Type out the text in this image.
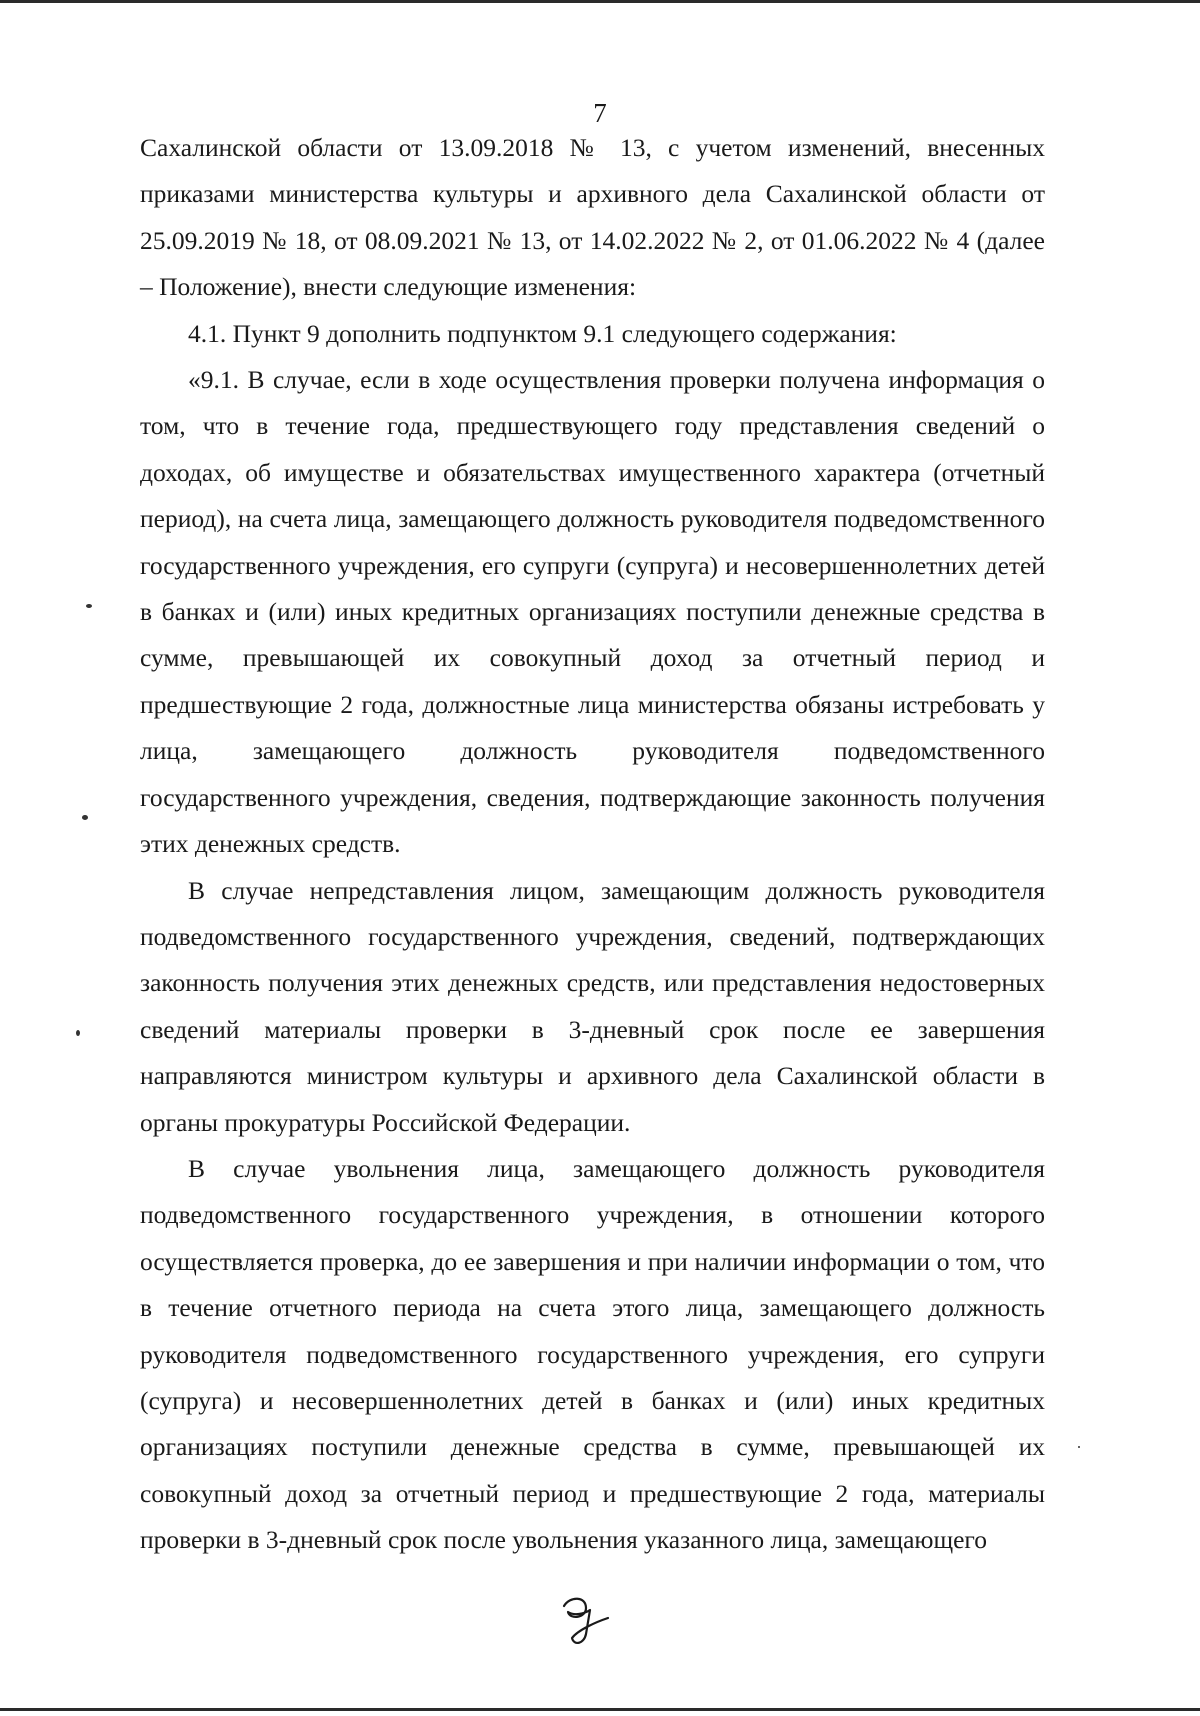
7

Сахалинской области от 13.09.2018 № 13, с учетом изменений, внесенных приказами министерства культуры и архивного дела Сахалинской области от 25.09.2019 № 18, от 08.09.2021 № 13, от 14.02.2022 № 2, от 01.06.2022 № 4 (далее – Положение), внести следующие изменения:

4.1. Пункт 9 дополнить подпунктом 9.1 следующего содержания:

«9.1. В случае, если в ходе осуществления проверки получена информация о том, что в течение года, предшествующего году представления сведений о доходах, об имуществе и обязательствах имущественного характера (отчетный период), на счета лица, замещающего должность руководителя подведомственного государственного учреждения, его супруги (супруга) и несовершеннолетних детей в банках и (или) иных кредитных организациях поступили денежные средства в сумме, превышающей их совокупный доход за отчетный период и предшествующие 2 года, должностные лица министерства обязаны истребовать у лица, замещающего должность руководителя подведомственного государственного учреждения, сведения, подтверждающие законность получения этих денежных средств.

В случае непредставления лицом, замещающим должность руководителя подведомственного государственного учреждения, сведений, подтверждающих законность получения этих денежных средств, или представления недостоверных сведений материалы проверки в 3-дневный срок после ее завершения направляются министром культуры и архивного дела Сахалинской области в органы прокуратуры Российской Федерации.

В случае увольнения лица, замещающего должность руководителя подведомственного государственного учреждения, в отношении которого осуществляется проверка, до ее завершения и при наличии информации о том, что в течение отчетного периода на счета этого лица, замещающего должность руководителя подведомственного государственного учреждения, его супруги (супруга) и несовершеннолетних детей в банках и (или) иных кредитных организациях поступили денежные средства в сумме, превышающей их совокупный доход за отчетный период и предшествующие 2 года, материалы проверки в 3-дневный срок после увольнения указанного лица, замещающего
